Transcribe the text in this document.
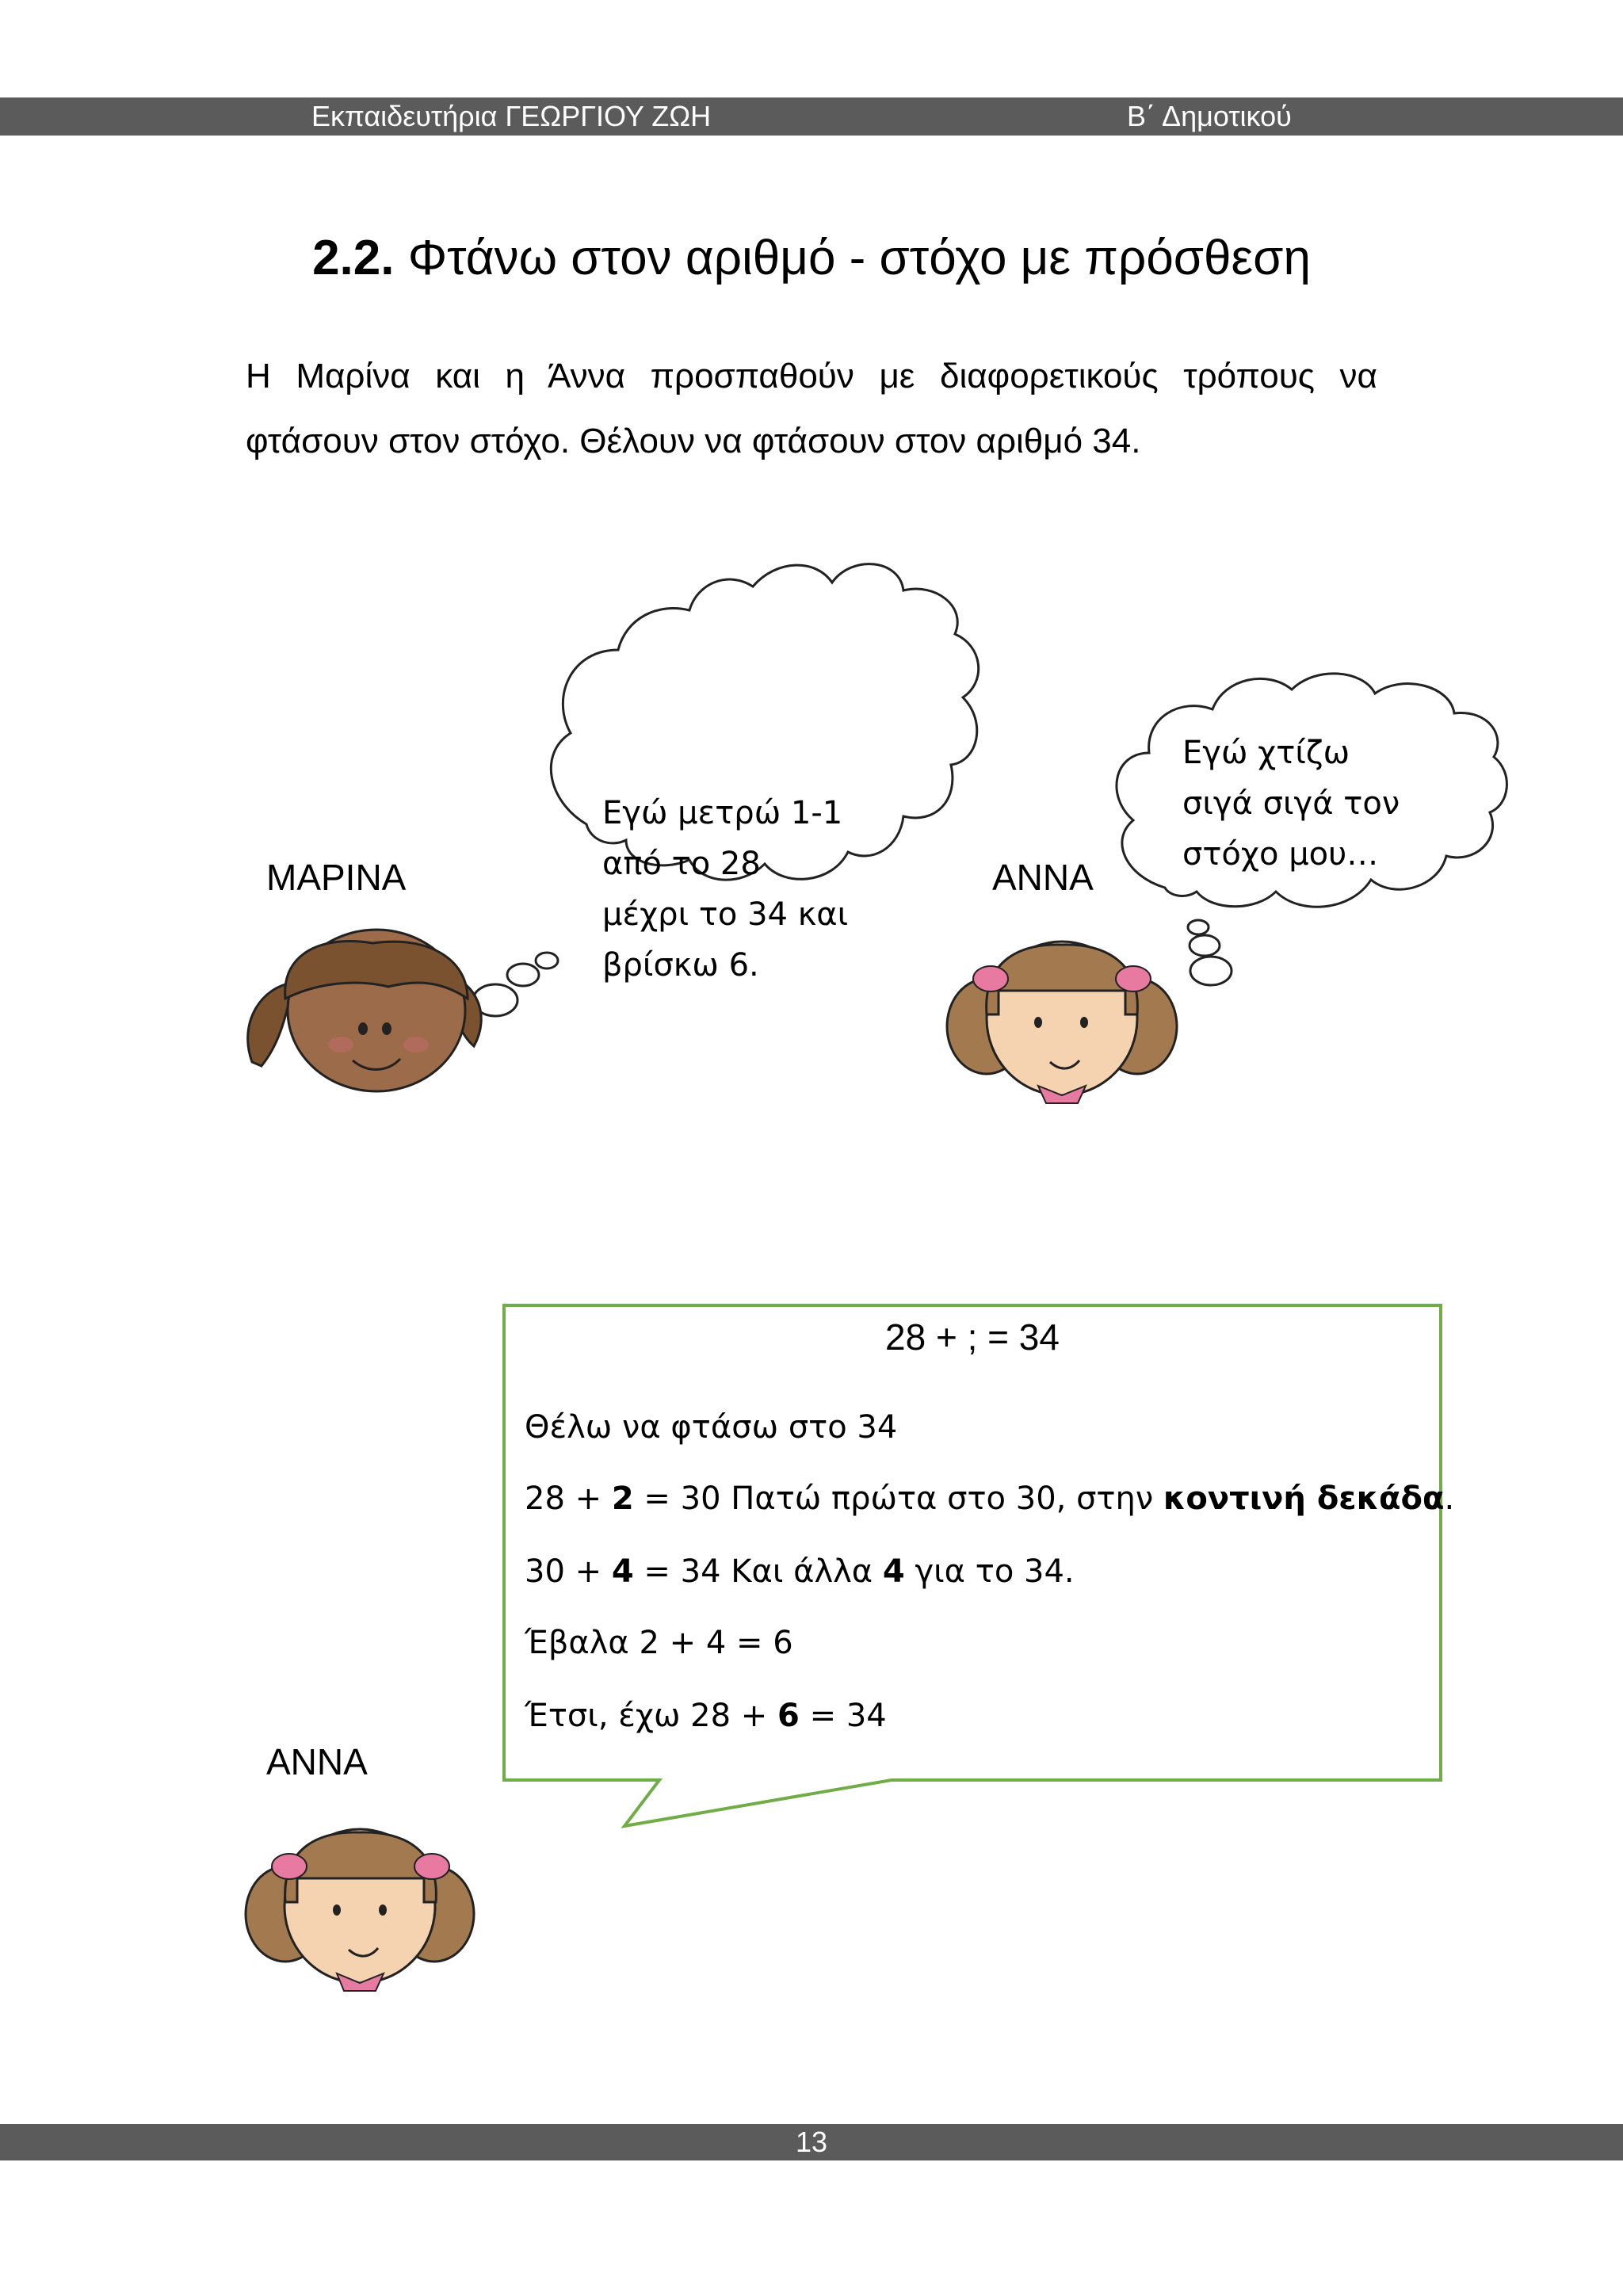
Εκπαιδευτήρια ΓΕΩΡΓΙΟΥ ΖΩΗ	Β΄ Δημοτικού
2.2. Φτάνω στον αριθμό - στόχο με πρόσθεση
Η Μαρίνα και η Άννα προσπαθούν με διαφορετικούς τρόπους να φτάσουν στον στόχο. Θέλουν να φτάσουν στον αριθμό 34.
ΜΑΡΙΝΑ	ΑΝΝΑ
ΑΝΝΑ
Εγώ μετρώ 1-1
από το 28
μέχρι το 34 και
βρίσκω 6.
Εγώ χτίζω
σιγά σιγά τον
στόχο μου…
28 + ; = 34
Θέλω να φτάσω στο 34
28 + 2 = 30 Πατώ πρώτα στο 30, στην κοντινή δεκάδα.
30 + 4 = 34 Και άλλα 4 για το 34.
Έβαλα 2 + 4 = 6
Έτσι, έχω 28 + 6 = 34
13
